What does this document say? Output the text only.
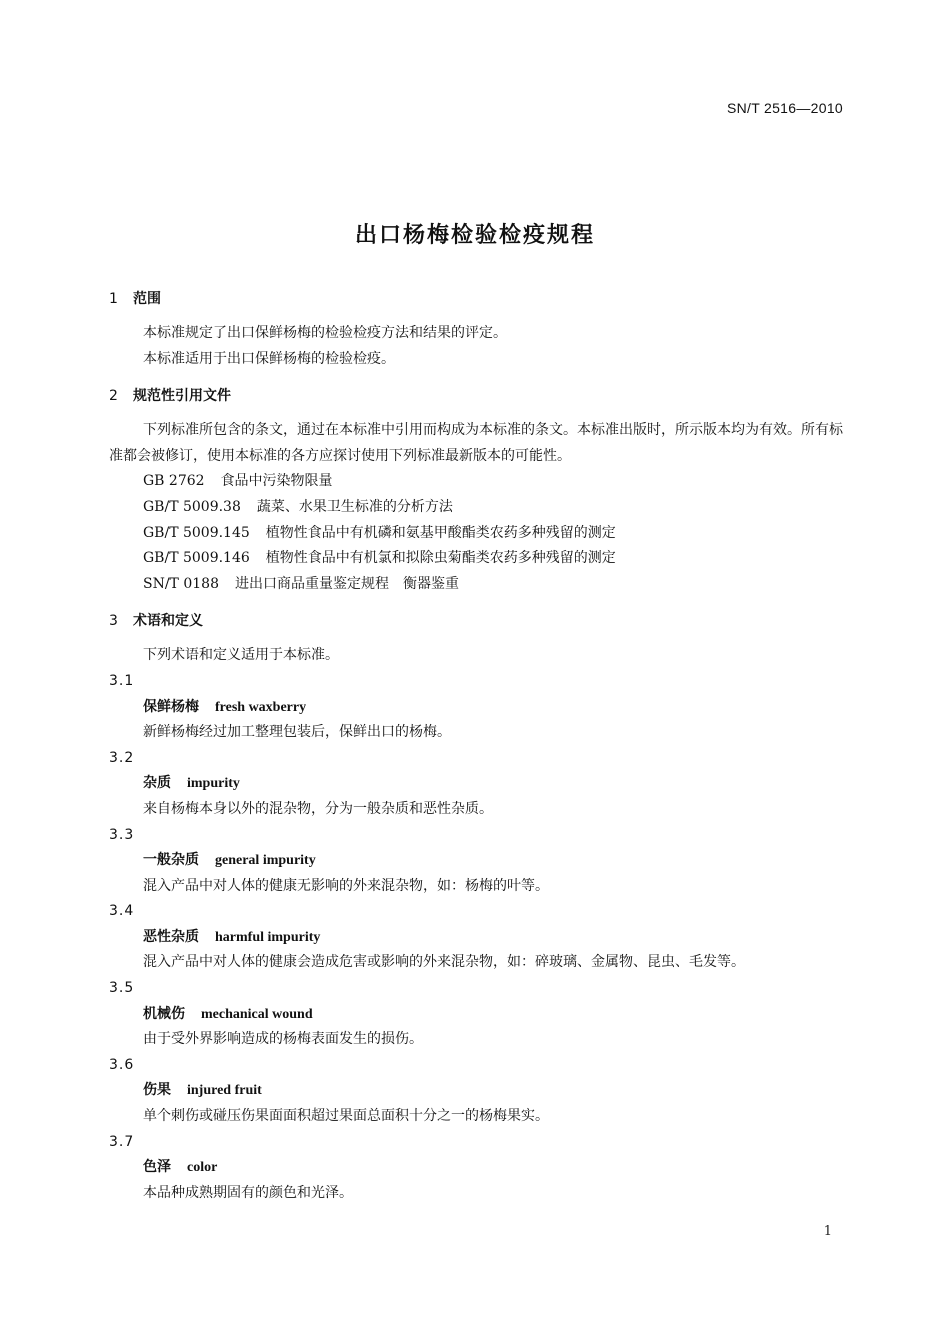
SN/T 2516—2010
出口杨梅检验检疫规程
1 范围
本标准规定了出口保鲜杨梅的检验检疫方法和结果的评定。
本标准适用于出口保鲜杨梅的检验检疫。
2 规范性引用文件
下列标准所包含的条文，通过在本标准中引用而构成为本标准的条文。本标准出版时，所示版本均为有效。所有标准都会被修订，使用本标准的各方应探讨使用下列标准最新版本的可能性。
GB 2762 食品中污染物限量
GB/T 5009.38 蔬菜、水果卫生标准的分析方法
GB/T 5009.145 植物性食品中有机磷和氨基甲酸酯类农药多种残留的测定
GB/T 5009.146 植物性食品中有机氯和拟除虫菊酯类农药多种残留的测定
SN/T 0188 进出口商品重量鉴定规程　衡器鉴重
3 术语和定义
下列术语和定义适用于本标准。
3.1
保鲜杨梅 fresh waxberry
新鲜杨梅经过加工整理包装后，保鲜出口的杨梅。
3.2
杂质 impurity
来自杨梅本身以外的混杂物，分为一般杂质和恶性杂质。
3.3
一般杂质 general impurity
混入产品中对人体的健康无影响的外来混杂物，如：杨梅的叶等。
3.4
恶性杂质 harmful impurity
混入产品中对人体的健康会造成危害或影响的外来混杂物，如：碎玻璃、金属物、昆虫、毛发等。
3.5
机械伤 mechanical wound
由于受外界影响造成的杨梅表面发生的损伤。
3.6
伤果 injured fruit
单个刺伤或碰压伤果面面积超过果面总面积十分之一的杨梅果实。
3.7
色泽 color
本品种成熟期固有的颜色和光泽。
1
